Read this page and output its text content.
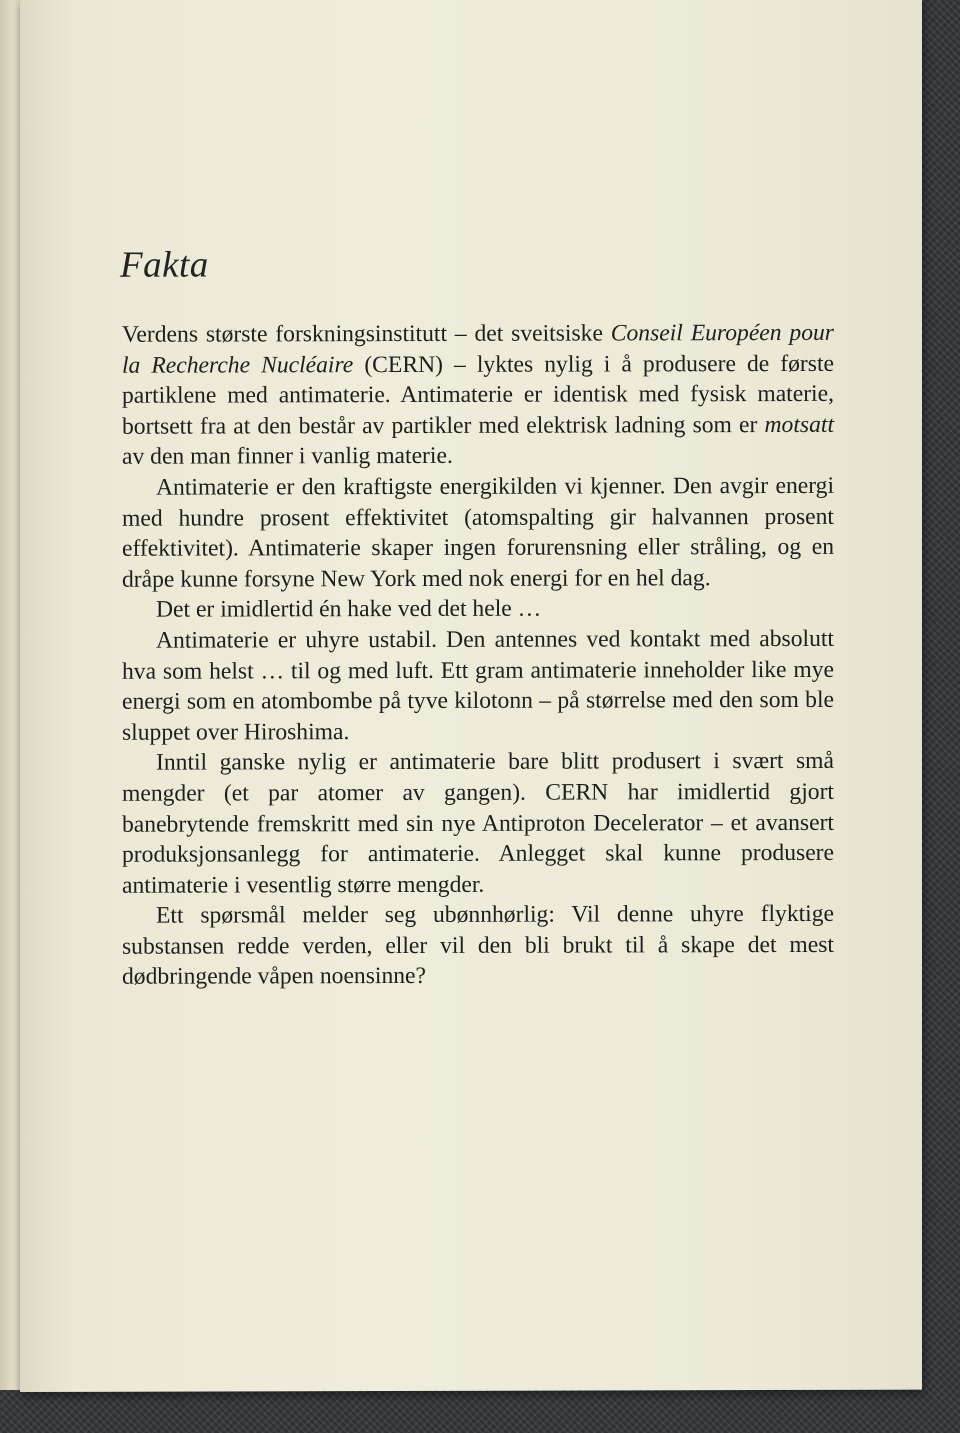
Fakta

Verdens største forskningsinstitutt – det sveitsiske Conseil Européen pour la Recherche Nucléaire (CERN) – lyktes nylig i å produsere de første partiklene med antimaterie. Antimaterie er identisk med fysisk materie, bortsett fra at den består av partikler med elektrisk ladning som er motsatt av den man finner i vanlig materie.

Antimaterie er den kraftigste energikilden vi kjenner. Den avgir energi med hundre prosent effektivitet (atomspalting gir halvannen prosent effektivitet). Antimaterie skaper ingen forurensning eller stråling, og en dråpe kunne forsyne New York med nok energi for en hel dag.

Det er imidlertid én hake ved det hele …

Antimaterie er uhyre ustabil. Den antennes ved kontakt med absolutt hva som helst … til og med luft. Ett gram antimaterie inneholder like mye energi som en atombombe på tyve kilotonn – på størrelse med den som ble sluppet over Hiroshima.

Inntil ganske nylig er antimaterie bare blitt produsert i svært små mengder (et par atomer av gangen). CERN har imidlertid gjort banebrytende fremskritt med sin nye Antiproton Decelerator – et avansert produksjonsanlegg for antimaterie. Anlegget skal kunne produsere antimaterie i vesentlig større mengder.

Ett spørsmål melder seg ubønnhørlig: Vil denne uhyre flyktige substansen redde verden, eller vil den bli brukt til å skape det mest dødbringende våpen noensinne?
